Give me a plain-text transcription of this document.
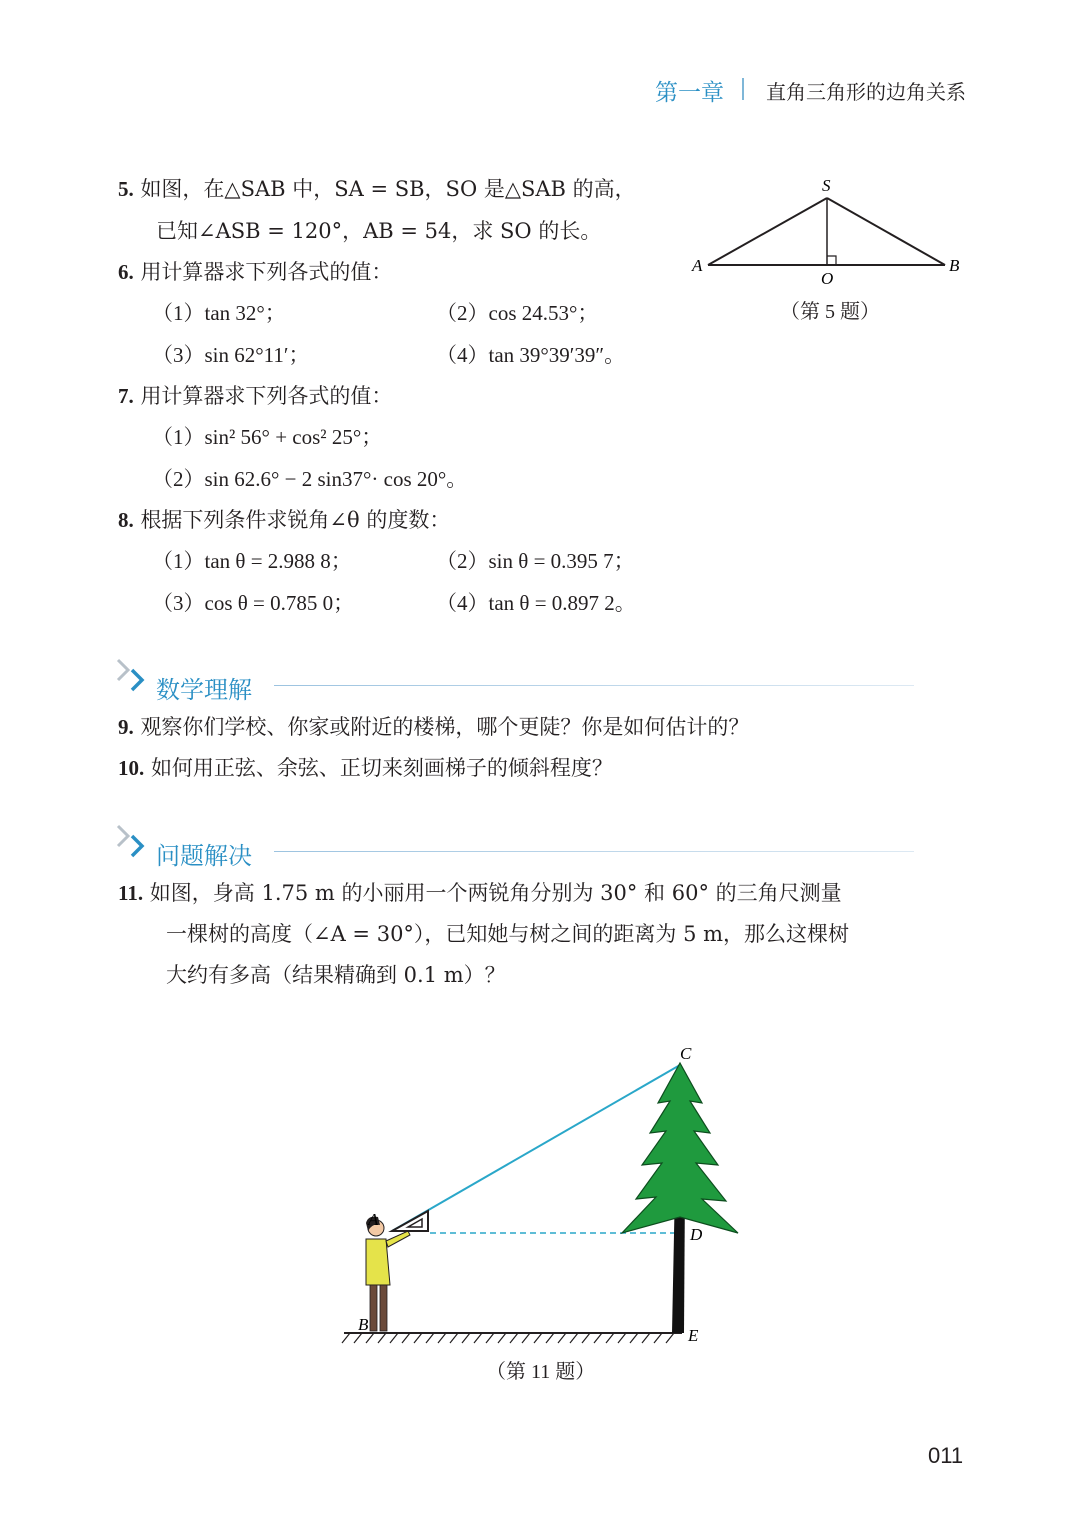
第一章 直角三角形的边角关系
5. 如图，在△SAB 中，SA = SB，SO 是△SAB 的高，
已知∠ASB = 120°，AB = 54，求 SO 的长。
S
A	B
O
（第 5 题）
6. 用计算器求下列各式的值：
（1）tan 32°；	（2）cos 24.53°；
（3）sin 62°11′；	（4）tan 39°39′39″。
7. 用计算器求下列各式的值：
（1）sin² 56° + cos² 25°；
（2）sin 62.6° − 2 sin37°· cos 20°。
8. 根据下列条件求锐角∠θ 的度数：
（1）tan θ = 2.988 8；	（2）sin θ = 0.395 7；
（3）cos θ = 0.785 0；	（4）tan θ = 0.897 2。
数学理解
9. 观察你们学校、你家或附近的楼梯，哪个更陡？你是如何估计的？
10. 如何用正弦、余弦、正切来刻画梯子的倾斜程度？
问题解决
11. 如图，身高 1.75 m 的小丽用一个两锐角分别为 30° 和 60° 的三角尺测量
一棵树的高度（∠A = 30°），已知她与树之间的距离为 5 m，那么这棵树
大约有多高（结果精确到 0.1 m）？
A
B
C
D
E
（第 11 题）
011
